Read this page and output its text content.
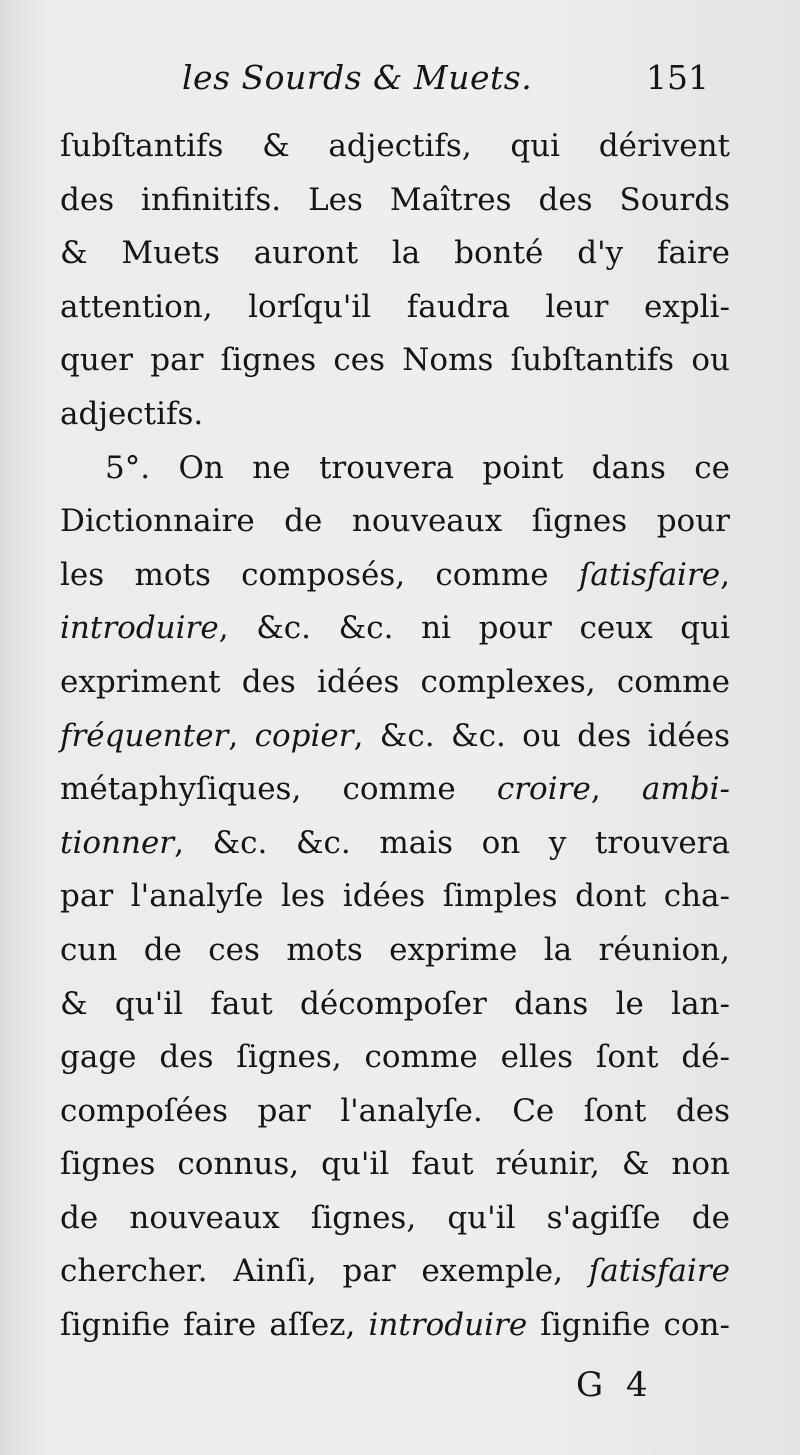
les Sourds & Muets.	151
ſubſtantifs & adjectifs, qui dérivent
des infinitifs. Les Maîtres des Sourds
& Muets auront la bonté d'y faire
attention, lorſqu'il faudra leur expli-
quer par ſignes ces Noms ſubſtantifs ou
adjectifs.
5°. On ne trouvera point dans ce
Dictionnaire de nouveaux ſignes pour
les mots composés, comme ſatisfaire,
introduire, &c. &c. ni pour ceux qui
expriment des idées complexes, comme
fréquenter, copier, &c. &c. ou des idées
métaphyſiques, comme croire, ambi-
tionner, &c. &c. mais on y trouvera
par l'analyſe les idées ſimples dont cha-
cun de ces mots exprime la réunion,
& qu'il faut décompoſer dans le lan-
gage des ſignes, comme elles ſont dé-
compoſées par l'analyſe. Ce ſont des
ſignes connus, qu'il faut réunir, & non
de nouveaux ſignes, qu'il s'agiſſe de
chercher. Ainſi, par exemple, ſatisfaire
ſignifie faire aſſez, introduire ſignifie con-
G 4
